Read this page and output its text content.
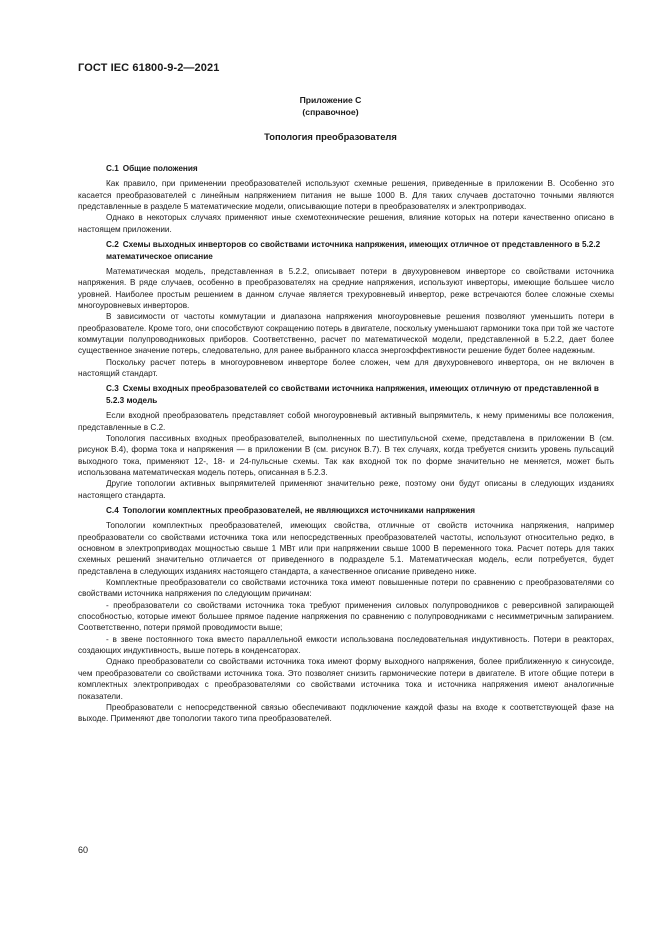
ГОСТ IEC 61800-9-2—2021
Приложение С
(справочное)
Топология преобразователя
С.1 Общие положения

Как правило, при применении преобразователей используют схемные решения, приведенные в приложении В. Особенно это касается преобразователей с линейным напряжением питания не выше 1000 В. Для таких случаев достаточно точными являются представленные в разделе 5 математические модели, описывающие потери в преобразователях и электроприводах.

Однако в некоторых случаях применяют иные схемотехнические решения, влияние которых на потери качественно описано в настоящем приложении.

С.2 Схемы выходных инверторов со свойствами источника напряжения, имеющих отличное от представленного в 5.2.2 математическое описание

Математическая модель, представленная в 5.2.2, описывает потери в двухуровневом инверторе со свойствами источника напряжения. В ряде случаев, особенно в преобразователях на средние напряжения, используют инверторы, имеющие большее число уровней. Наиболее простым решением в данном случае является трехуровневый инвертор, реже встречаются более сложные схемы многоуровневых инверторов.

В зависимости от частоты коммутации и диапазона напряжения многоуровневые решения позволяют уменьшить потери в преобразователе. Кроме того, они способствуют сокращению потерь в двигателе, поскольку уменьшают гармоники тока при той же частоте коммутации полупроводниковых приборов. Соответственно, расчет по математической модели, представленной в 5.2.2, дает более существенное значение потерь, следовательно, для ранее выбранного класса энергоэффективности решение будет более надежным.

Поскольку расчет потерь в многоуровневом инверторе более сложен, чем для двухуровневого инвертора, он не включен в настоящий стандарт.

С.3 Схемы входных преобразователей со свойствами источника напряжения, имеющих отличную от представленной в 5.2.3 модель

Если входной преобразователь представляет собой многоуровневый активный выпрямитель, к нему применимы все положения, представленные в С.2.

Топология пассивных входных преобразователей, выполненных по шестипульсной схеме, представлена в приложении В (см. рисунок В.4), форма тока и напряжения — в приложении В (см. рисунок В.7). В тех случаях, когда требуется снизить уровень пульсаций выходного тока, применяют 12-, 18- и 24-пульсные схемы. Так как входной ток по форме значительно не меняется, может быть использована математическая модель потерь, описанная в 5.2.3.

Другие топологии активных выпрямителей применяют значительно реже, поэтому они будут описаны в следующих изданиях настоящего стандарта.

С.4 Топологии комплектных преобразователей, не являющихся источниками напряжения

Топологии комплектных преобразователей, имеющих свойства, отличные от свойств источника напряжения, например преобразователи со свойствами источника тока или непосредственных преобразователей частоты, используют относительно редко, в основном в электроприводах мощностью свыше 1 МВт или при напряжении свыше 1000 В переменного тока. Расчет потерь для таких схемных решений значительно отличается от приведенного в подразделе 5.1. Математическая модель, если потребуется, будет представлена в следующих изданиях настоящего стандарта, а качественное описание приведено ниже.

Комплектные преобразователи со свойствами источника тока имеют повышенные потери по сравнению с преобразователями со свойствами источника напряжения по следующим причинам:

- преобразователи со свойствами источника тока требуют применения силовых полупроводников с реверсивной запирающей способностью, которые имеют большее прямое падение напряжения по сравнению с полупроводниками с несимметричным запиранием. Соответственно, потери прямой проводимости выше;

- в звене постоянного тока вместо параллельной емкости использована последовательная индуктивность. Потери в реакторах, создающих индуктивность, выше потерь в конденсаторах.

Однако преобразователи со свойствами источника тока имеют форму выходного напряжения, более приближенную к синусоиде, чем преобразователи со свойствами источника тока. Это позволяет снизить гармонические потери в двигателе. В итоге общие потери в комплектных электроприводах с преобразователями со свойствами источника тока и источника напряжения имеют аналогичные показатели.

Преобразователи с непосредственной связью обеспечивают подключение каждой фазы на входе к соответствующей фазе на выходе. Применяют две топологии такого типа преобразователей.

60
